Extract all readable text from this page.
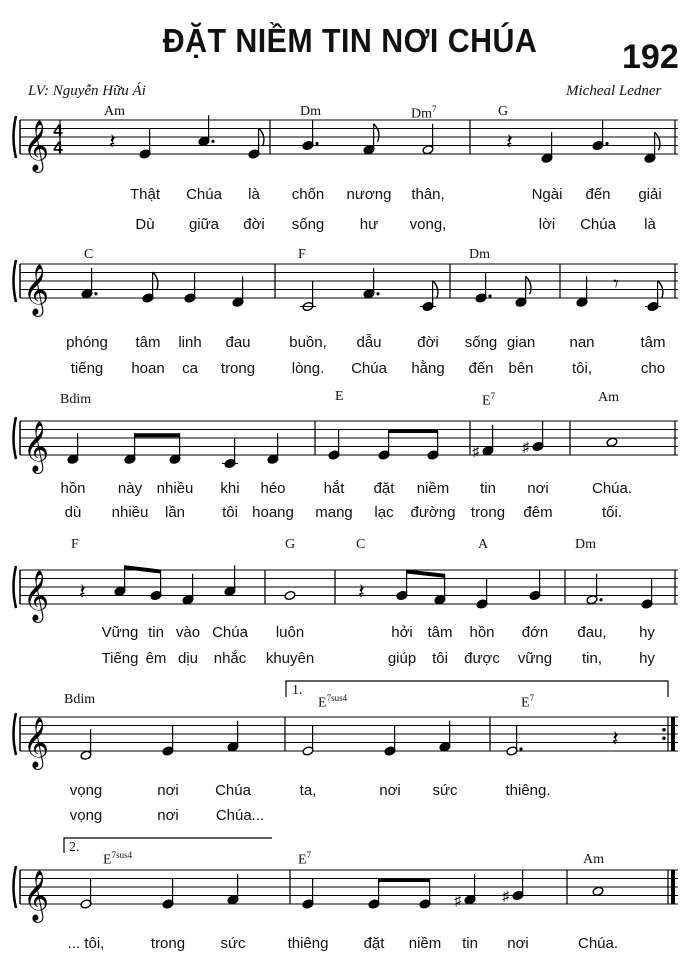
ĐẶT NIỀM TIN NƠI CHÚA	192
LV: Nguyễn Hữu Ái	Micheal Ledner
𝄞
𝄞
𝄞
𝄞
𝄞
𝄞
4
4 𝄽	𝄽
𝄾
♯	♯
𝄽	𝄽
𝄽
♯	♯
Am	Dm	Dm$^7$	G
C	F	Dm
Bdim	E	$E^7$	Am
F	G	C	A	Dm
Bdim	$E^{7sus4}$	$E^7$
$E^{7sus4}$	$E^7$	Am
1.
2.
Thật Chúa là chốn nương thân,	Ngài đến giải
Dù giữa đời sống hư vong,	lời Chúa là
phóng tâm linh đau	buồn, dẫu đời sống gian nan	tâm
tiếng hoan ca trong lòng. Chúa hằng đến bên	tôi,	cho
hồn này nhiều khi héo	hắt đặt niềm tin nơi	Chúa.
dù nhiều lần tôi hoang mang lạc đường trong đêm	tối.
Vững tin vào Chúa luôn	hởi tâm hồn đớn đau, hy
Tiếng êm dịu nhắc khuyên	giúp tôi được vững tin, hy
vọng	nơi Chúa	ta,	nơi sức	thiêng.
vọng	nơi Chúa...
... tôi,	trong sức	thiêng đặt niềm tin nơi	Chúa.
